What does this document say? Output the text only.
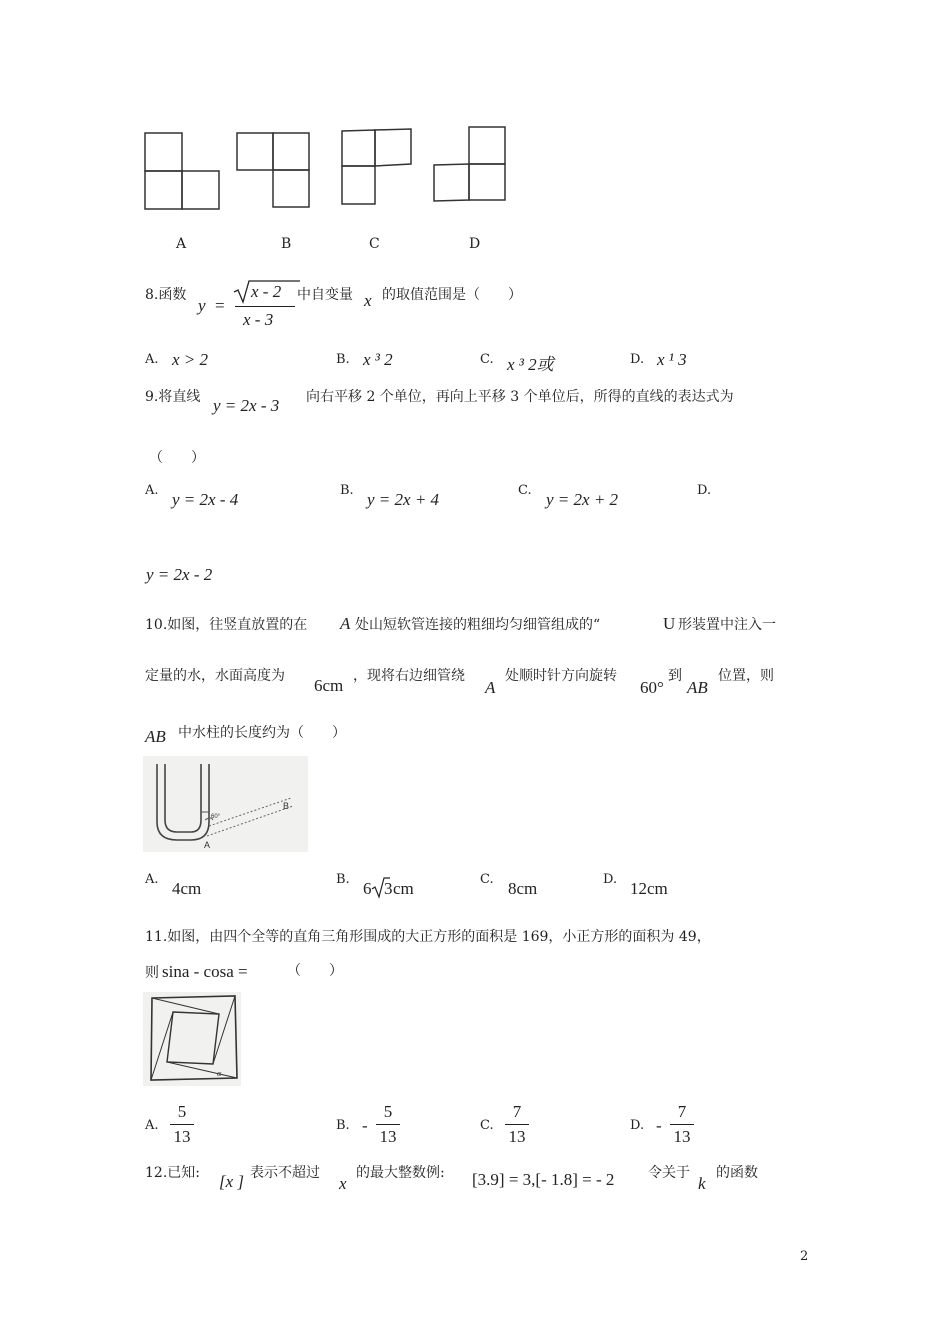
A	B	C	D
8.函数
y =
x - 2
x - 3
中自变量 x 的取值范围是（　　）
A. x > 2	B. x ³ 2	C. x ³ 2或	D. x ¹ 3
9.将直线 y = 2x - 3 向右平移 2 个单位，再向上平移 3 个单位后，所得的直线的表达式为
（　　）
A. y = 2x - 4	B. y = 2x + 4	C. y = 2x + 2	D.
y = 2x - 2
10.如图，往竖直放置的在 A 处山短软管连接的粗细均匀细管组成的“	U 形装置中注入一
定量的水，水面高度为 6cm ，现将右边细管绕
A
处顺时针方向旋转
60°
到
AB
位置，则
AB 中水柱的长度约为（　　）
B
A
60°
A. 4cm	B. 6 3 cm	C. 8cm	D. 12cm
11.如图，由四个全等的直角三角形围成的大正方形的面积是 169，小正方形的面积为 49，
则 sina - cosa =	（　　）
α
A.
5
13
B. -
5
13
C.
7
13
D. -
7
13
12.已知: [x ] 表示不超过
x
的最大整数例: [3.9] = 3,[- 1.8] = - 2 令关于
k
的函数
2
